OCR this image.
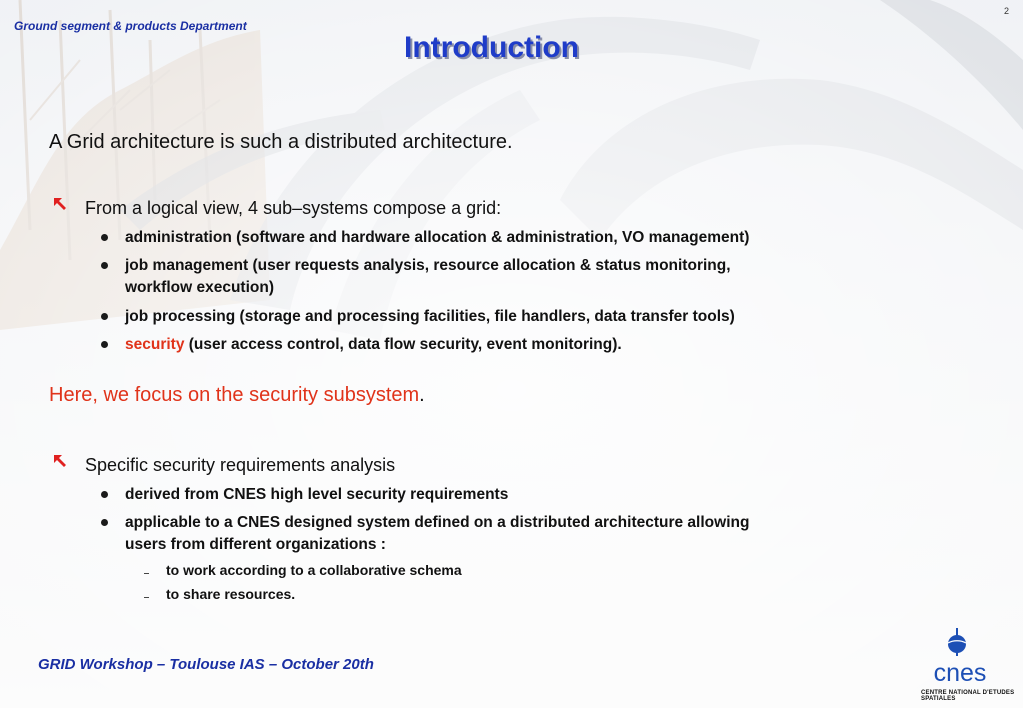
Ground segment & products Department
2
Introduction
A Grid architecture is such a distributed architecture.
From a logical view, 4 sub–systems compose a grid:
administration (software and hardware allocation & administration, VO management)
job management (user requests analysis, resource allocation & status monitoring,
workflow execution)
job processing (storage and processing facilities, file handlers, data transfer tools)
security (user access control, data flow security, event monitoring).
Here, we focus on the security subsystem.
Specific security requirements analysis
derived from CNES high level security requirements
applicable to a CNES designed system defined on a distributed architecture allowing
users from different organizations :
to work according to a collaborative schema
to share resources.
GRID Workshop – Toulouse IAS – October 20th	cnes
CENTRE NATIONAL D'ETUDES SPATIALES
